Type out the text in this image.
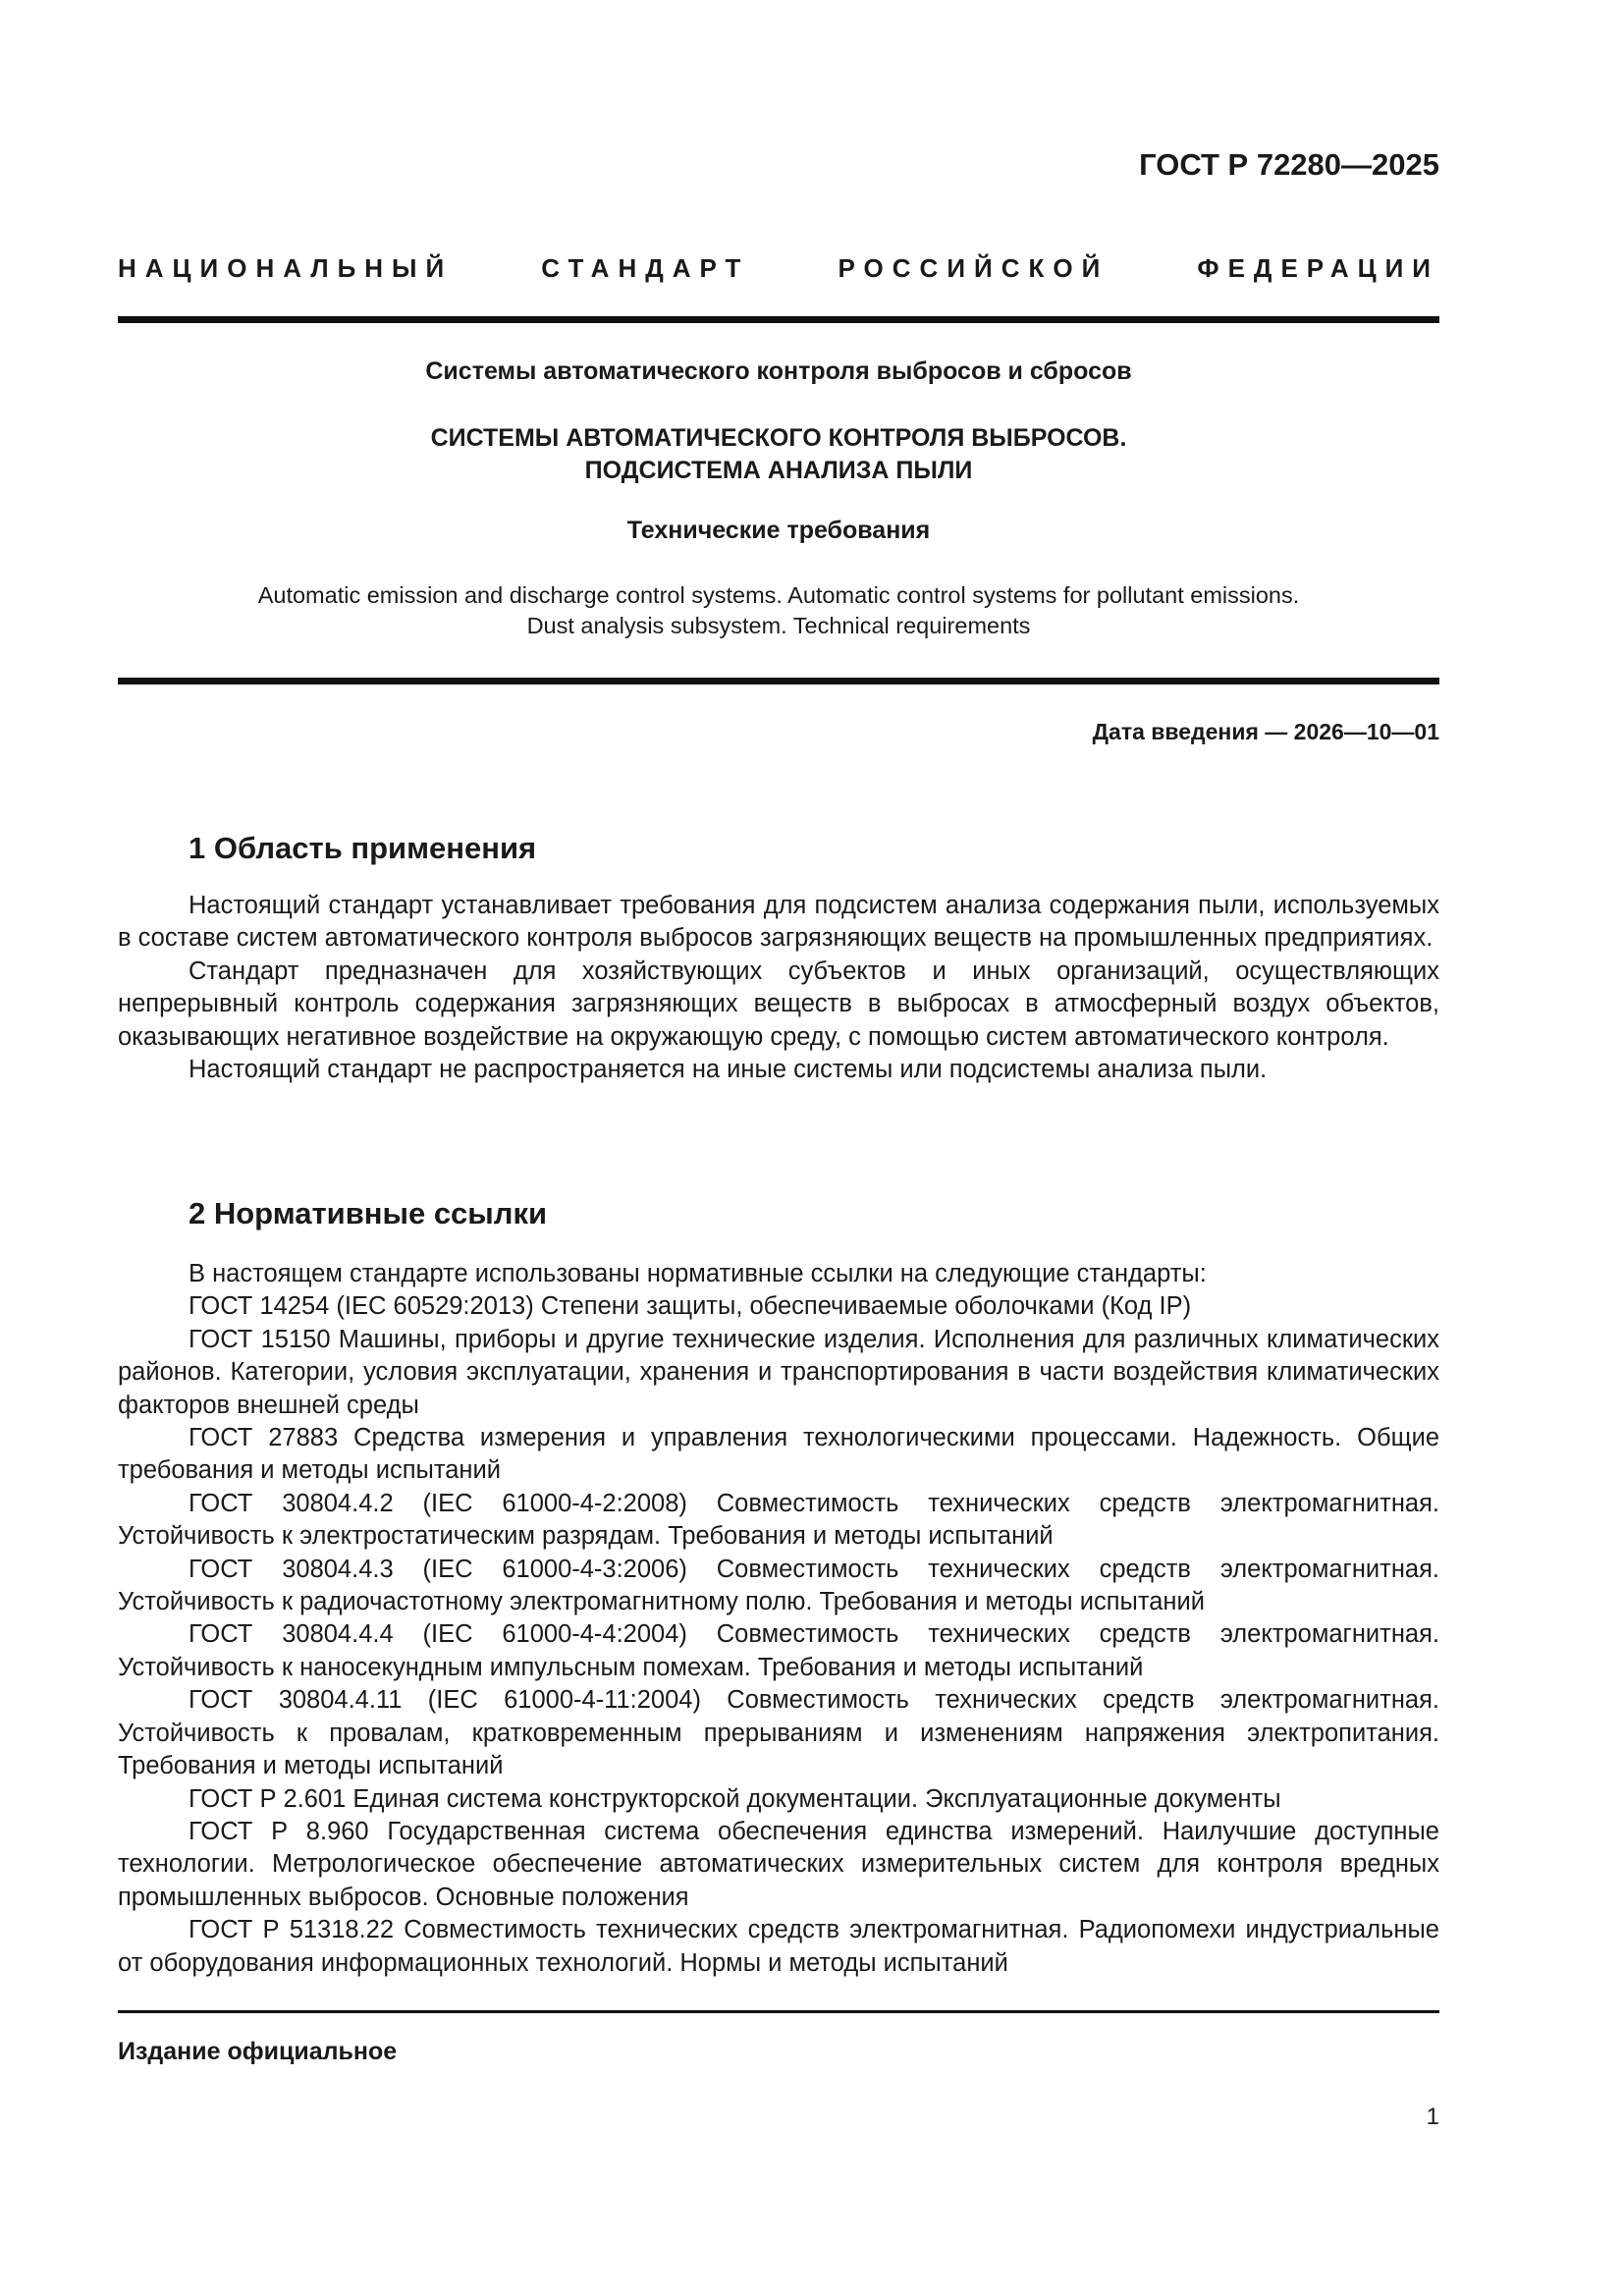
ГОСТ Р 72280—2025
НАЦИОНАЛЬНЫЙ СТАНДАРТ РОССИЙСКОЙ ФЕДЕРАЦИИ
Системы автоматического контроля выбросов и сбросов
СИСТЕМЫ АВТОМАТИЧЕСКОГО КОНТРОЛЯ ВЫБРОСОВ.
ПОДСИСТЕМА АНАЛИЗА ПЫЛИ
Технические требования
Automatic emission and discharge control systems. Automatic control systems for pollutant emissions.
Dust analysis subsystem. Technical requirements
Дата введения — 2026—10—01
1 Область применения

Настоящий стандарт устанавливает требования для подсистем анализа содержания пыли, используемых в составе систем автоматического контроля выбросов загрязняющих веществ на промышленных предприятиях.

Стандарт предназначен для хозяйствующих субъектов и иных организаций, осуществляющих непрерывный контроль содержания загрязняющих веществ в выбросах в атмосферный воздух объектов, оказывающих негативное воздействие на окружающую среду, с помощью систем автоматического контроля.

Настоящий стандарт не распространяется на иные системы или подсистемы анализа пыли.

2 Нормативные ссылки

В настоящем стандарте использованы нормативные ссылки на следующие стандарты:

ГОСТ 14254 (IEC 60529:2013) Степени защиты, обеспечиваемые оболочками (Код IP)

ГОСТ 15150 Машины, приборы и другие технические изделия. Исполнения для различных климатических районов. Категории, условия эксплуатации, хранения и транспортирования в части воздействия климатических факторов внешней среды

ГОСТ 27883 Средства измерения и управления технологическими процессами. Надежность. Общие требования и методы испытаний

ГОСТ 30804.4.2 (IEC 61000-4-2:2008) Совместимость технических средств электромагнитная. Устойчивость к электростатическим разрядам. Требования и методы испытаний

ГОСТ 30804.4.3 (IEC 61000-4-3:2006) Совместимость технических средств электромагнитная. Устойчивость к радиочастотному электромагнитному полю. Требования и методы испытаний

ГОСТ 30804.4.4 (IEC 61000-4-4:2004) Совместимость технических средств электромагнитная. Устойчивость к наносекундным импульсным помехам. Требования и методы испытаний

ГОСТ 30804.4.11 (IEC 61000-4-11:2004) Совместимость технических средств электромагнитная. Устойчивость к провалам, кратковременным прерываниям и изменениям напряжения электропитания. Требования и методы испытаний

ГОСТ Р 2.601 Единая система конструкторской документации. Эксплуатационные документы

ГОСТ Р 8.960 Государственная система обеспечения единства измерений. Наилучшие доступные технологии. Метрологическое обеспечение автоматических измерительных систем для контроля вредных промышленных выбросов. Основные положения

ГОСТ Р 51318.22 Совместимость технических средств электромагнитная. Радиопомехи индустриальные от оборудования информационных технологий. Нормы и методы испытаний

Издание официальное
1
